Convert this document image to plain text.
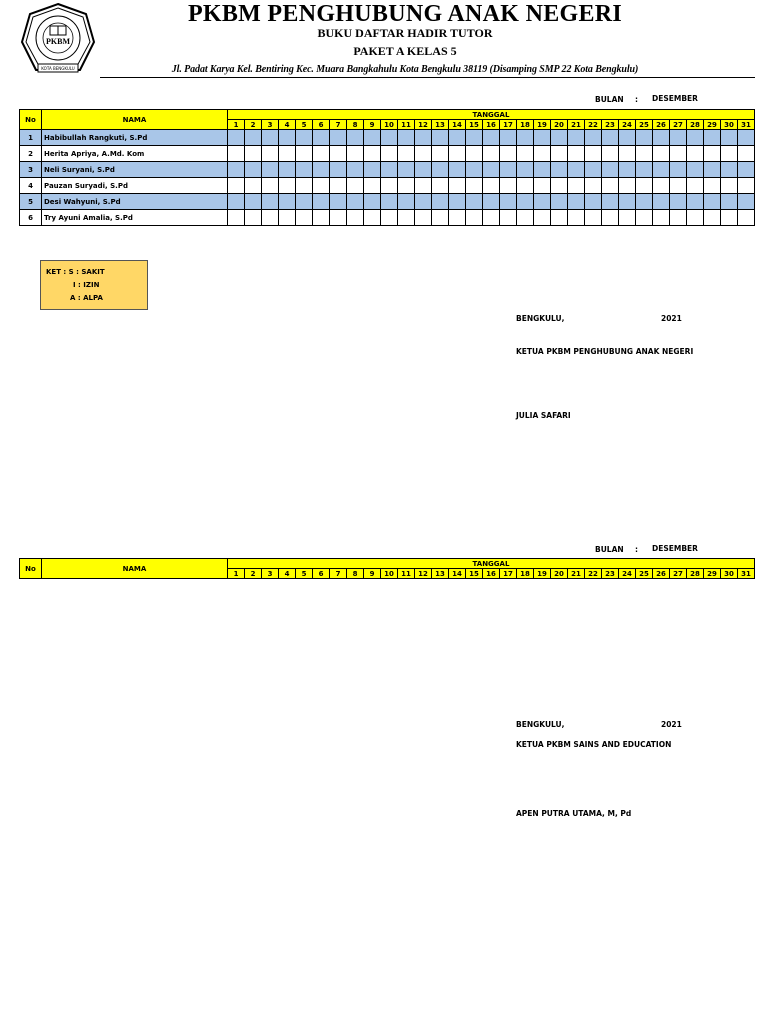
PKBM
KOTA BENGKULU
PKBM PENGHUBUNG ANAK NEGERI
BUKU DAFTAR HADIR TUTOR
PAKET A KELAS 5
Jl. Padat Karya Kel. Bentiring Kec. Muara Bangkahulu Kota Bengkulu 38119 (Disamping SMP 22 Kota Bengkulu)
BULAN : DESEMBER
No	NAMA	TANGGAL																														
		1	2	3	4	5	6	7	8	9	10	11	12	13	14	15	16	17	18	19	20	21	22	23	24	25	26	27	28	29	30	31
1	Habibullah Rangkuti, S.Pd																															
2	Herita Apriya, A.Md. Kom																															
3	Neli Suryani, S.Pd																															
4	Pauzan Suryadi, S.Pd																															
5	Desi Wahyuni, S.Pd																															
6	Try Ayuni Amalia, S.Pd																															
KET : S : SAKIT
I : IZIN
A : ALPA
BENGKULU,	2021
KETUA PKBM PENGHUBUNG ANAK NEGERI
JULIA SAFARI
BULAN : DESEMBER
No	NAMA	TANGGAL																														
		1	2	3	4	5	6	7	8	9	10	11	12	13	14	15	16	17	18	19	20	21	22	23	24	25	26	27	28	29	30	31
BENGKULU,	2021
KETUA PKBM SAINS AND EDUCATION
APEN PUTRA UTAMA, M, Pd
